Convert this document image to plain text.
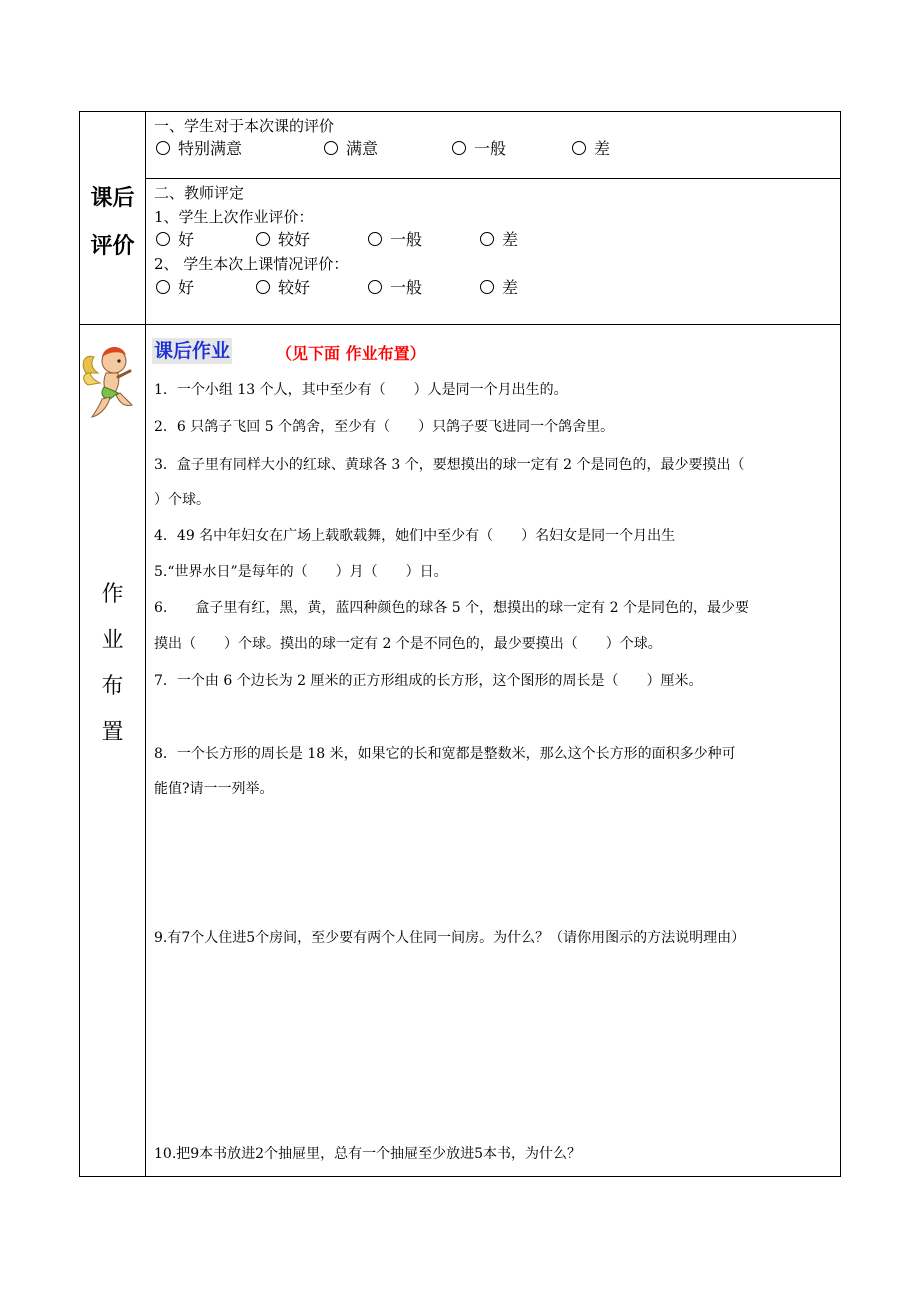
课后
评价
一、学生对于本次课的评价
特别满意	满意	一般	差
二、教师评定
1、学生上次作业评价：
好	较好	一般	差
2、 学生本次上课情况评价：
好	较好	一般	差
作
业
布
置
课后作业	（见下面 作业布置）
1．一个小组 13 个人，其中至少有（　　）人是同一个月出生的。
2．6 只鸽子飞回 5 个鸽舍，至少有（　　）只鸽子要飞进同一个鸽舍里。
3．盒子里有同样大小的红球、黄球各 3 个，要想摸出的球一定有 2 个是同色的，最少要摸出（
）个球。
4．49 名中年妇女在广场上载歌载舞，她们中至少有（　　）名妇女是同一个月出生
5.“世界水日”是每年的（　　）月（　　）日。
6.　　盒子里有红，黑，黄，蓝四种颜色的球各 5 个，想摸出的球一定有 2 个是同色的，最少要
摸出（　　）个球。摸出的球一定有 2 个是不同色的，最少要摸出（　　）个球。
7．一个由 6 个边长为 2 厘米的正方形组成的长方形，这个图形的周长是（　　）厘米。
8．一个长方形的周长是 18 米，如果它的长和宽都是整数米，那么这个长方形的面积多少种可
能值?请一一列举。
9.有7个人住进5个房间，至少要有两个人住同一间房。为什么？（请你用图示的方法说明理由）
10.把9本书放进2个抽屉里，总有一个抽屉至少放进5本书，为什么？
